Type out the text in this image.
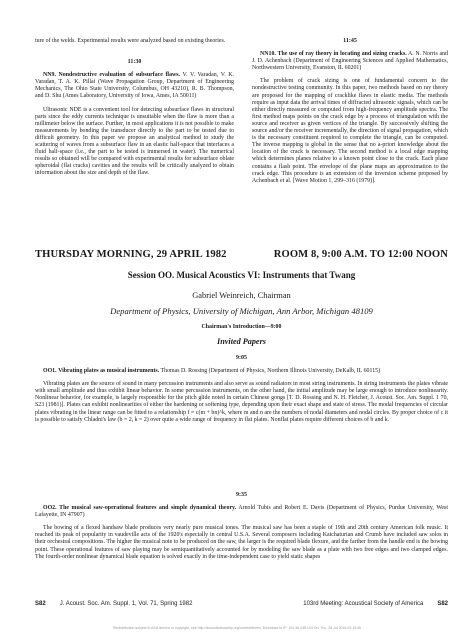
ture of the welds. Experimental results were analyzed based on existing theories.

11:30

NN9. Nondestructive evaluation of subsurface flaws. V. V. Varadan, V. K. Varadan, T. A. K. Pillai (Wave Propagation Group, Department of Engineering Mechanics, The Ohio State University, Columbus, OH 43210), R. B. Thompson, and D. Shu (Ames Laboratory, University of Iowa, Ames, IA 50011)

Ultrasonic NDE is a convenient tool for detecting subsurface flaws in structural parts since the eddy currents technique is unsuitable when the flaw is more than a millimeter below the surface. Further, in most applications it is not possible to make measurements by bonding the transducer directly to the part to be tested due to difficult geometry. In this paper we propose an analytical method to study the scattering of waves from a subsurface flaw in an elastic half-space that interfaces a fluid half-space (i.e., the part to be tested is immersed in water). The numerical results so obtained will be compared with experimental results for subsurface oblate spheroidal (flat cracks) cavities and the results will be critically analyzed to obtain information about the size and depth of the flaw.

11:45

NN10. The use of ray theory in locating and sizing cracks. A. N. Norris and J. D. Achenbach (Department of Engineering Sciences and Applied Mathematics, Northwestern University, Evanston, IL 60201)

The problem of crack sizing is one of fundamental concern to the nondestructive testing community. In this paper, two methods based on ray theory are proposed for the mapping of cracklike flaws in elastic media. The methods require as input data the arrival times of diffracted ultrasonic signals, which can be either directly measured or computed from high-frequency amplitude spectra. The first method maps points on the crack edge by a process of triangulation with the source and receiver as given vertices of the triangle. By successively shifting the source and/or the receiver incrementally, the direction of signal propagation, which is the necessary constituent required to complete the triangle, can be computed. The inverse mapping is global in the sense that no a-priori knowledge about the location of the crack is necessary. The second method is a local edge mapping which determines planes relative to a known point close to the crack. Each plane contains a flash point. The envelope of the plane maps an approximation to the crack edge. This procedure is an extension of the inversion scheme proposed by Achenbach et al. [Wave Motion 1, 299–316 (1979)].

THURSDAY MORNING, 29 APRIL 1982	ROOM 8, 9:00 A.M. TO 12:00 NOON
Session OO. Musical Acoustics VI: Instruments that Twang
Gabriel Weinreich, Chairman
Department of Physics, University of Michigan, Ann Arbor, Michigan 48109
Chairman's Introduction—9:00
Invited Papers

9:05

OO1. Vibrating plates as musical instruments. Thomas D. Rossing (Department of Physics, Northern Illinois University, DeKalb, IL 60115)

Vibrating plates are the source of sound in many percussion instruments and also serve as sound radiators in most string instruments. In string instruments the plates vibrate with small amplitude and thus exhibit linear behavior. In some percussion instruments, on the other hand, the initial amplitude may be large enough to introduce nonlinearity. Nonlinear behavior, for example, is largely responsible for the pitch glide noted in certain Chinese gongs [T. D. Rossing and N. H. Fletcher, J. Acoust. Soc. Am. Suppl. 1 70, S23 (1981)]. Plates can exhibit nonlinearities of either the hardening or softening type, depending upon their exact shape and state of stress. The modal frequencies of circular plates vibrating in the linear range can be fitted to a relationship f = c(m + bn)^k, where m and n are the numbers of nodal diameters and nodal circles. By proper choice of c it is possible to satisfy Chladni's law (b = 2, k = 2) over quite a wide range of frequency in flat plates. Nonflat plates require different choices of b and k.

9:35

OO2. The musical saw-operational features and simple dynamical theory. Arnold Tubis and Robert E. Davis (Department of Physics, Purdue University, West Lafayette, IN 47907)

The bowing of a flexed handsaw blade produces very nearly pure musical tones. The musical saw has been a staple of 19th and 20th century American folk music. It reached its peak of popularity in vaudeville acts of the 1920's especially in central U.S.A. Several composers including Katchaturian and Crumb have included saw solos in their orchestral compositions. The higher the musical note to be produced on the saw, the larger is the required blade flexure, and the farther from the handle end is the bowing point. These operational features of saw playing may be semiquantitatively accounted for by modeling the saw blade as a plate with two free edges and two clamped edges. The fourth-order nonlinear dynamical blade equation is solved exactly in the time-independent case to yield static shapes

S82 J. Acoust. Soc. Am. Suppl. 1, Vol. 71, Spring 1982	103rd Meeting: Acoustical Society of America S82
Redistribution subject to ASA license or copyright; see http://acousticalsociety.org/content/terms. Download to IP: 191.96.248.193 On: Thu, 28 Jul 2016 02:13:45
